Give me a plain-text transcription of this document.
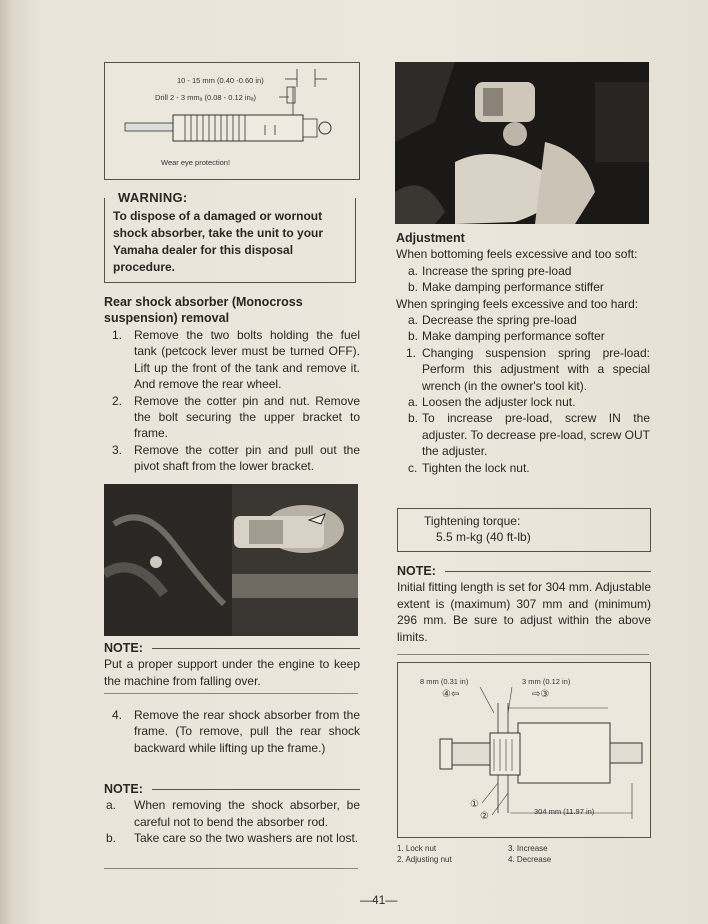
10 - 15 mm (0.40 -0.60 in)
Drill 2 - 3 mmₐ (0.08 - 0.12 inₐ)
Wear eye protection!
WARNING:
To dispose of a damaged or wornout shock absorber, take the unit to your Yamaha dealer for this disposal procedure.
Rear shock absorber (Monocross suspension) removal
1. Remove the two bolts holding the fuel tank (petcock lever must be turned OFF). Lift up the front of the tank and remove it. And remove the rear wheel.
2. Remove the cotter pin and nut. Remove the bolt securing the upper bracket to frame.
3. Remove the cotter pin and pull out the pivot shaft from the lower bracket.
NOTE:
Put a proper support under the engine to keep the machine from falling over.
4. Remove the rear shock absorber from the frame. (To remove, pull the rear shock backward while lifting up the frame.)
NOTE:
a. When removing the shock absorber, be careful not to bend the absorber rod.
b. Take care so the two washers are not lost.
Adjustment
When bottoming feels excessive and too soft:
a. Increase the spring pre-load
b. Make damping performance stiffer
When springing feels excessive and too hard:
a. Decrease the spring pre-load
b. Make damping performance softer
1. Changing suspension spring pre-load: Perform this adjustment with a special wrench (in the owner's tool kit).
a. Loosen the adjuster lock nut.
b. To increase pre-load, screw IN the adjuster. To decrease pre-load, screw OUT the adjuster.
c. Tighten the lock nut.
Tightening torque:
5.5 m-kg (40 ft-lb)
NOTE:
Initial fitting length is set for 304 mm. Adjustable extent is (maximum) 307 mm and (minimum) 296 mm. Be sure to adjust within the above limits.
8 mm (0.31 in)
④⇦
3 mm (0.12 in)
⇨③
①
②	304 mm (11.97 in)
1. Lock nut
2. Adjusting nut
3. Increase
4. Decrease
—41—
